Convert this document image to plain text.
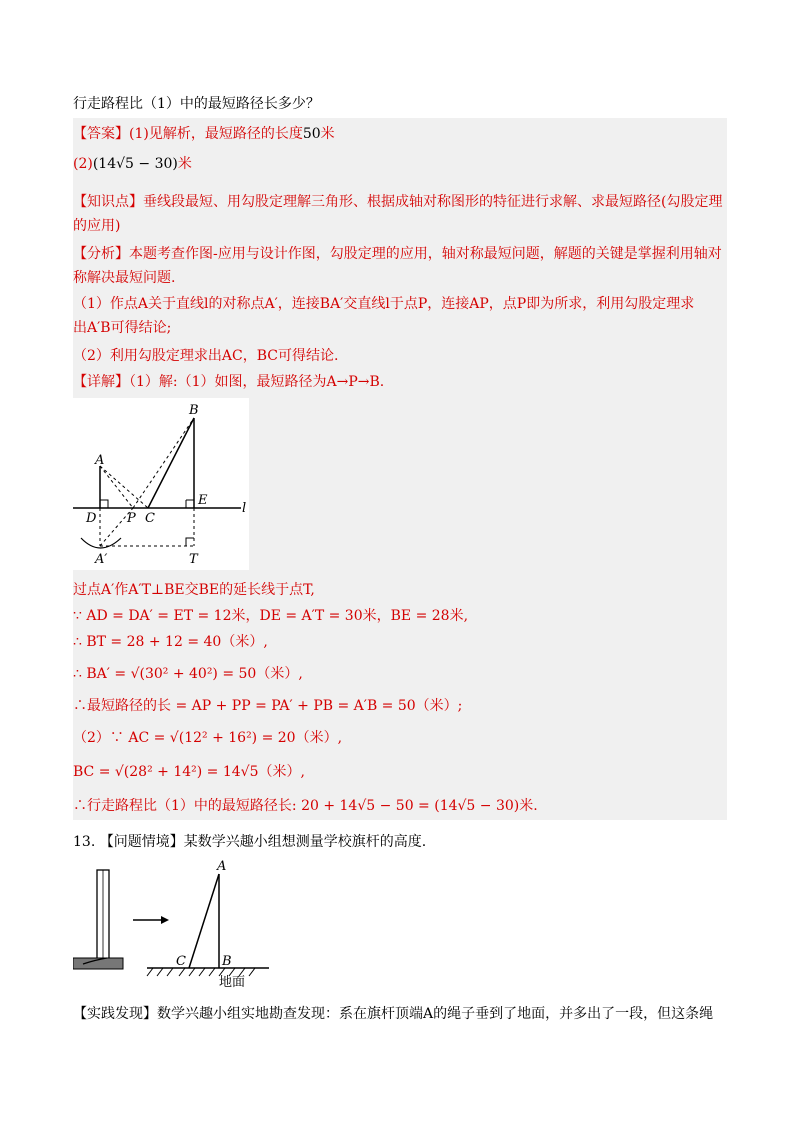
行走路程比（1）中的最短路径长多少？
【答案】(1)见解析，最短路径的长度50米
(2)(14√5 − 30)米
【知识点】垂线段最短、用勾股定理解三角形、根据成轴对称图形的特征进行求解、求最短路径(勾股定理
的应用)
【分析】本题考查作图-应用与设计作图，勾股定理的应用，轴对称最短问题，解题的关键是掌握利用轴对
称解决最短问题.
（1）作点A关于直线l的对称点A′，连接BA′交直线l于点P，连接AP，点P即为所求，利用勾股定理求
出A′B可得结论;
（2）利用勾股定理求出AC，BC可得结论.
【详解】（1）解:（1）如图，最短路径为A→P→B.
A
B
D P C
E
l
A′	T
过点A′作A′T⊥BE交BE的延长线于点T,
∵ AD = DA′ = ET = 12米，DE = A′T = 30米，BE = 28米,
∴ BT = 28 + 12 = 40（米）,
∴ BA′ = √(30² + 40²) = 50（米）,
∴最短路径的长 = AP + PP = PA′ + PB = A′B = 50（米）;
（2）∵ AC = √(12² + 16²) = 20（米）,
BC = √(28² + 14²) = 14√5（米）,
∴行走路程比（1）中的最短路径长: 20 + 14√5 − 50 = (14√5 − 30)米.
13. 【问题情境】某数学兴趣小组想测量学校旗杆的高度.
A
B
C
地面
【实践发现】数学兴趣小组实地勘查发现：系在旗杆顶端A的绳子垂到了地面，并多出了一段，但这条绳
